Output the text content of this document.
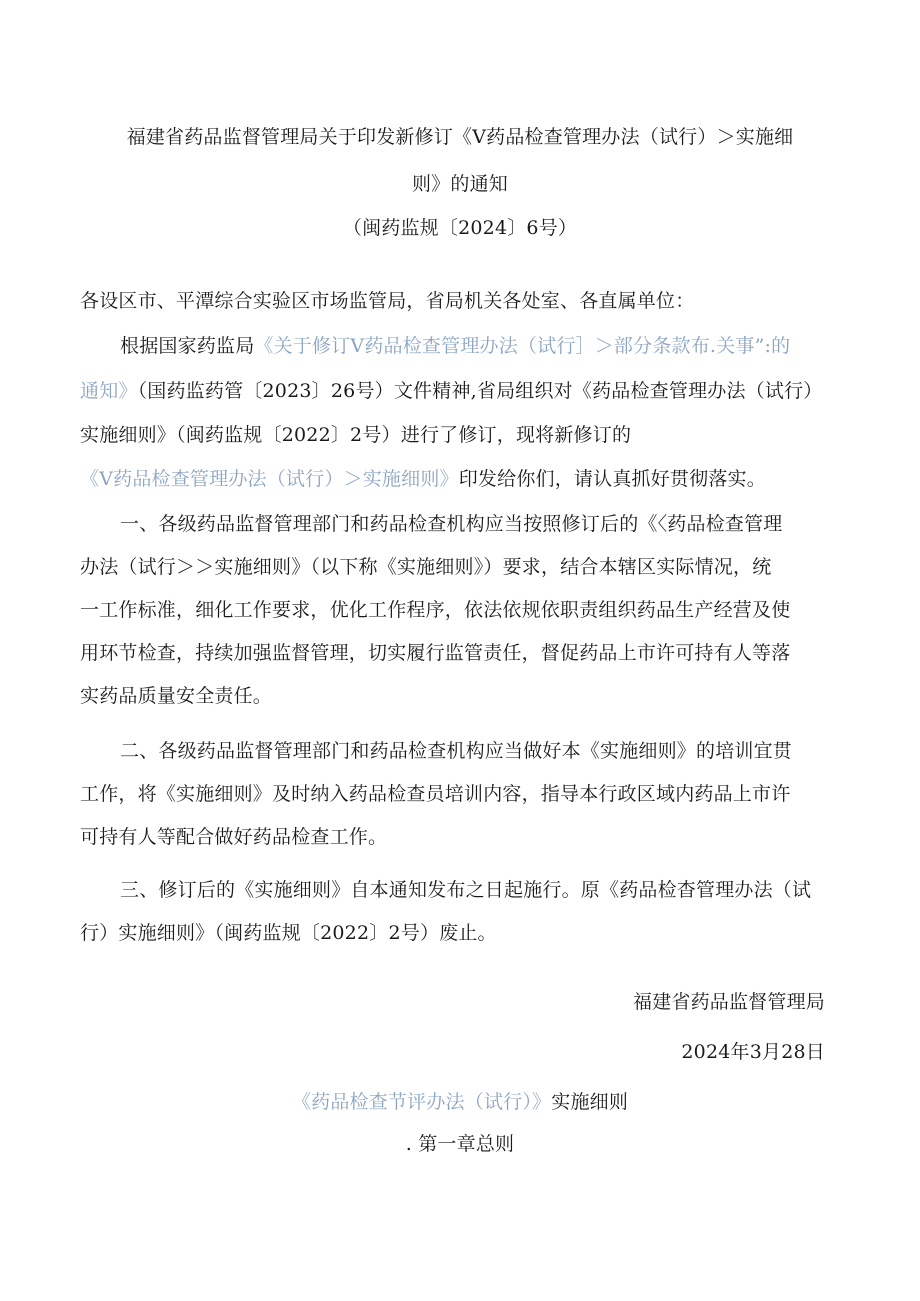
福建省药品监督管理局关于印发新修订《V药品检查管理办法（试行）＞实施细
则》的通知
（闽药监规〔2024〕6号）
各设区市、平潭综合实验区市场监管局，省局机关各处室、各直属单位：
根据国家药监局《关于修订V药品检查管理办法（试行］＞部分条款布.关事”:的
通知》（国药监药管〔2023〕26号）文件精神,省局组织对《药品检查管理办法（试行）
实施细则》（闽药监规〔2022〕2号）进行了修订，现将新修订的
《V药品检查管理办法（试行）＞实施细则》印发给你们，请认真抓好贯彻落实。
一、各级药品监督管理部门和药品检查机构应当按照修订后的《〈药品检查管理
办法（试行＞＞实施细则》（以下称《实施细则》）要求，结合本辖区实际情况，统
一工作标准，细化工作要求，优化工作程序，依法依规依职责组织药品生产经营及使
用环节检查，持续加强监督管理，切实履行监管责任，督促药品上市许可持有人等落
实药品质量安全责任。
二、各级药品监督管理部门和药品检查机构应当做好本《实施细则》的培训宜贯
工作，将《实施细则》及时纳入药品检查员培训内容，指导本行政区域内药品上市许
可持有人等配合做好药品检查工作。
三、修订后的《实施细则》自本通知发布之日起施行。原《药品检杳管理办法（试
行）实施细则》（闽药监规〔2022〕2号）废止。
福建省药品监督管理局
2024年3月28日
《药品检查节评办法（试行）》实施细则
. 第一章总则
